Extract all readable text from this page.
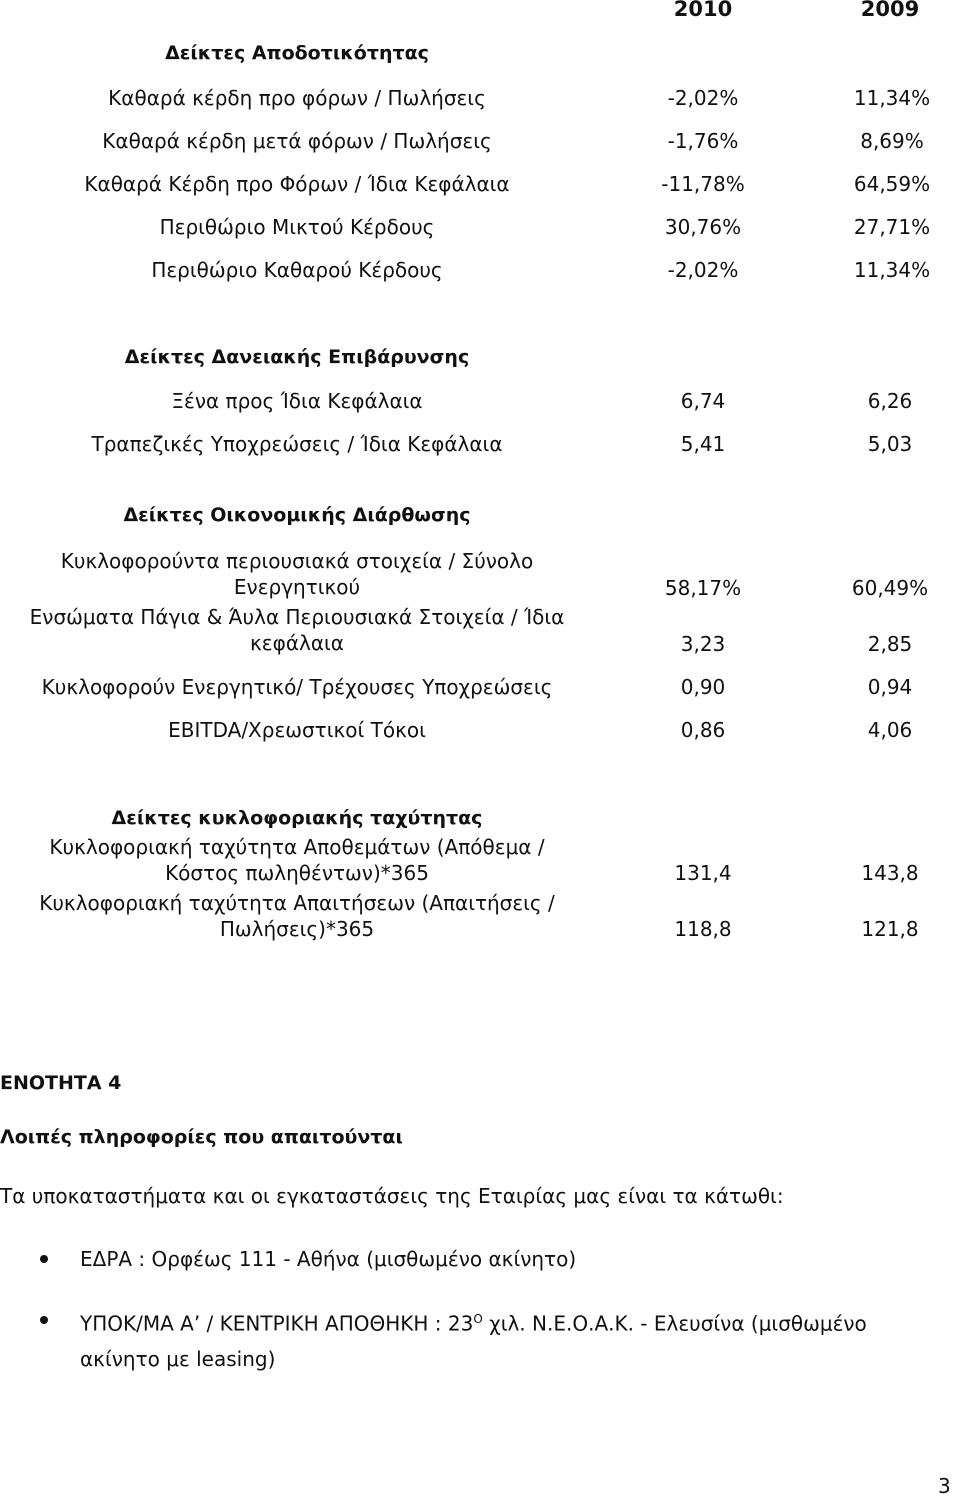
2010	2009
Δείκτες Αποδοτικότητας
Καθαρά κέρδη προ φόρων / Πωλήσεις	-2,02%	11,34%
Καθαρά κέρδη μετά φόρων / Πωλήσεις	-1,76%	8,69%
Καθαρά Κέρδη προ Φόρων / Ίδια Κεφάλαια	-11,78%	64,59%
Περιθώριο Μικτού Κέρδους	30,76%	27,71%
Περιθώριο Καθαρού Κέρδους	-2,02%	11,34%
Δείκτες Δανειακής Επιβάρυνσης
Ξένα προς Ίδια Κεφάλαια	6,74	6,26
Τραπεζικές Υποχρεώσεις / Ίδια Κεφάλαια	5,41	5,03
Δείκτες Οικονομικής Διάρθωσης
Κυκλοφορούντα περιουσιακά στοιχεία / Σύνολο
Ενεργητικού	58,17%	60,49%
Ενσώματα Πάγια & Άυλα Περιουσιακά Στοιχεία / Ίδια
κεφάλαια	3,23	2,85
Κυκλοφορούν Ενεργητικό/ Τρέχουσες Υποχρεώσεις	0,90	0,94
EBITDA/Χρεωστικοί Τόκοι	0,86	4,06
Δείκτες κυκλοφοριακής ταχύτητας
Κυκλοφοριακή ταχύτητα Αποθεμάτων (Απόθεμα /
Κόστος πωληθέντων)*365	131,4	143,8
Κυκλοφοριακή ταχύτητα Απαιτήσεων (Απαιτήσεις /
Πωλήσεις)*365	118,8	121,8
ΕΝΟΤΗΤΑ 4
Λοιπές πληροφορίες που απαιτούνται
Τα υποκαταστήματα και οι εγκαταστάσεις της Εταιρίας μας είναι τα κάτωθι:
ΕΔΡΑ : Ορφέως 111 - Αθήνα (μισθωμένο ακίνητο)
ΥΠΟΚ/ΜΑ Α’ / ΚΕΝΤΡΙΚΗ ΑΠΟΘΗΚΗ : $23^O$ χιλ. Ν.Ε.Ο.Α.Κ. - Ελευσίνα (μισθωμένο
ακίνητο με leasing)
3
